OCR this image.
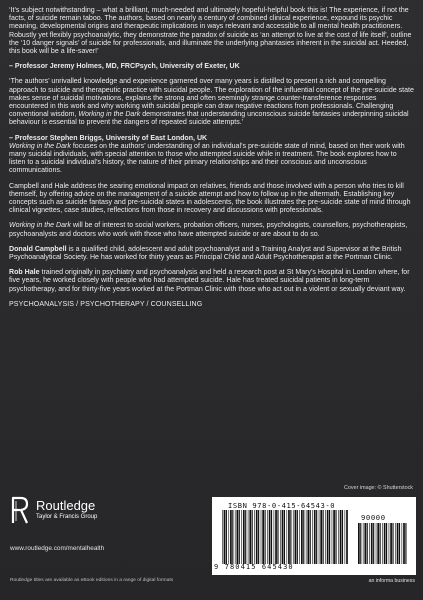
‘It’s subject notwithstanding – what a brilliant, much-needed and ultimately hopeful-helpful book this is! The experience, if not the facts, of suicide remain taboo. The authors, based on nearly a century of combined clinical experience, expound its psychic meaning, developmental origins and therapeutic implications in ways relevant and accessible to all mental health practitioners. Robustly yet flexibly psychoanalytic, they demonstrate the paradox of suicide as ‘an attempt to live at the cost of life itself’, outline the ‘10 danger signals’ of suicide for professionals, and illuminate the underlying phantasies inherent in the suicidal act. Heeded, this book will be a life-saver!’

– Professor Jeremy Holmes, MD, FRCPsych, University of Exeter, UK

‘The authors’ unrivalled knowledge and experience garnered over many years is distilled to present a rich and compelling approach to suicide and therapeutic practice with suicidal people. The exploration of the influential concept of the pre-suicide state makes sense of suicidal motivations, explains the strong and often seemingly strange counter-transference responses encountered in this work and why working with suicidal people can draw negative reactions from professionals. Challenging conventional wisdom, Working in the Dark demonstrates that understanding unconscious suicide fantasies underpinning suicidal behaviour is essential to prevent the dangers of repeated suicide attempts.’

– Professor Stephen Briggs, University of East London, UK

Working in the Dark focuses on the authors’ understanding of an individual’s pre-suicide state of mind, based on their work with many suicidal individuals, with special attention to those who attempted suicide while in treatment. The book explores how to listen to a suicidal individual’s history, the nature of their primary relationships and their conscious and unconscious communications.

Campbell and Hale address the searing emotional impact on relatives, friends and those involved with a person who tries to kill themself, by offering advice on the management of a suicide attempt and how to follow up in the aftermath. Establishing key concepts such as suicide fantasy and pre-suicidal states in adolescents, the book illustrates the pre-suicide state of mind through clinical vignettes, case studies, reflections from those in recovery and discussions with professionals.

Working in the Dark will be of interest to social workers, probation officers, nurses, psychologists, counsellors, psychotherapists, psychoanalysts and doctors who work with those who have attempted suicide or are about to do so.

Donald Campbell is a qualified child, adolescent and adult psychoanalyst and a Training Analyst and Supervisor at the British Psychoanalytical Society. He has worked for thirty years as Principal Child and Adult Psychotherapist at the Portman Clinic.

Rob Hale trained originally in psychiatry and psychoanalysis and held a research post at St Mary’s Hospital in London where, for five years, he worked closely with people who had attempted suicide. Hale has treated suicidal patients in long-term psychotherapy, and for thirty-five years worked at the Portman Clinic with those who act out in a violent or sexually deviant way.

PSYCHOANALYSIS / PSYCHOTHERAPY / COUNSELLING

Cover image: © Shutterstock
Routledge
Taylor & Francis Group
www.routledge.com/mentalhealth
Routledge titles are available as eBook editions in a range of digital formats
ISBN 978-0-415-64543-0
90000
9 780415 645430
an informa business
